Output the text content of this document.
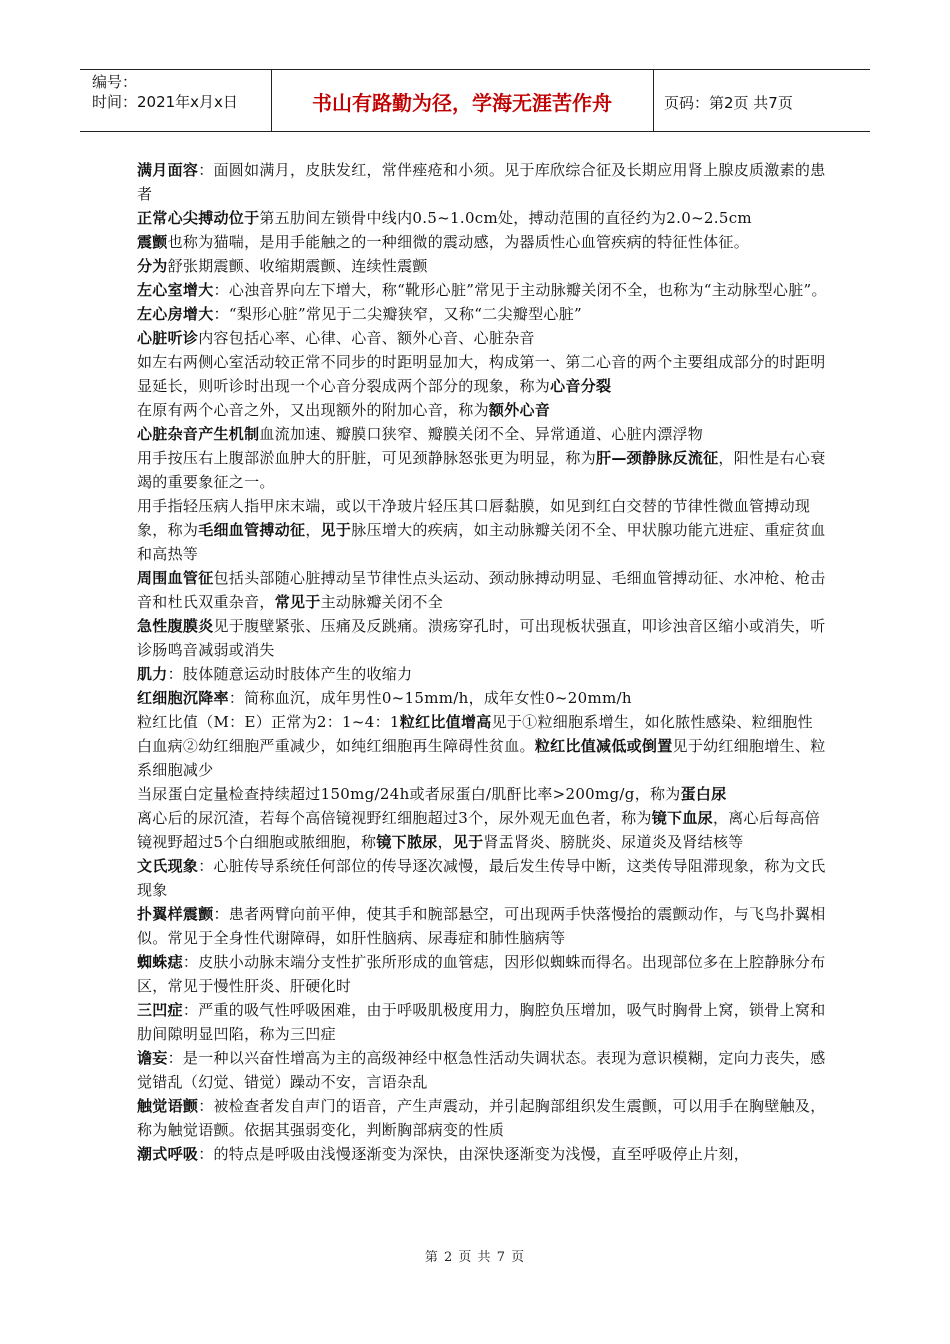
编号：
时间：2021年x月x日	书山有路勤为径，学海无涯苦作舟	页码：第2页 共7页

满月面容：面圆如满月，皮肤发红，常伴痤疮和小须。见于库欣综合征及长期应用肾上腺皮质激素的患者

正常心尖搏动位于第五肋间左锁骨中线内0.5~1.0cm处，搏动范围的直径约为2.0~2.5cm

震颤也称为猫喘，是用手能触之的一种细微的震动感，为器质性心血管疾病的特征性体征。

分为舒张期震颤、收缩期震颤、连续性震颤

左心室增大：心浊音界向左下增大，称“靴形心脏”常见于主动脉瓣关闭不全，也称为“主动脉型心脏”。左心房增大：“梨形心脏”常见于二尖瓣狭窄，又称“二尖瓣型心脏”

心脏听诊内容包括心率、心律、心音、额外心音、心脏杂音

如左右两侧心室活动较正常不同步的时距明显加大，构成第一、第二心音的两个主要组成部分的时距明显延长，则听诊时出现一个心音分裂成两个部分的现象，称为心音分裂

在原有两个心音之外，又出现额外的附加心音，称为额外心音

心脏杂音产生机制血流加速、瓣膜口狭窄、瓣膜关闭不全、异常通道、心脏内漂浮物

用手按压右上腹部淤血肿大的肝脏，可见颈静脉怒张更为明显，称为肝—颈静脉反流征，阳性是右心衰竭的重要象征之一。

用手指轻压病人指甲床末端，或以干净玻片轻压其口唇黏膜，如见到红白交替的节律性微血管搏动现象，称为毛细血管搏动征，见于脉压增大的疾病，如主动脉瓣关闭不全、甲状腺功能亢进症、重症贫血和高热等

周围血管征包括头部随心脏搏动呈节律性点头运动、颈动脉搏动明显、毛细血管搏动征、水冲枪、枪击音和杜氏双重杂音，常见于主动脉瓣关闭不全

急性腹膜炎见于腹壁紧张、压痛及反跳痛。溃疡穿孔时，可出现板状强直，叩诊浊音区缩小或消失，听诊肠鸣音减弱或消失

肌力：肢体随意运动时肢体产生的收缩力

红细胞沉降率：简称血沉，成年男性0~15mm/h，成年女性0~20mm/h

粒红比值（M：E）正常为2：1~4：1粒红比值增高见于①粒细胞系增生，如化脓性感染、粒细胞性白血病②幼红细胞严重减少，如纯红细胞再生障碍性贫血。粒红比值减低或倒置见于幼红细胞增生、粒系细胞减少

当尿蛋白定量检查持续超过150mg/24h或者尿蛋白/肌酐比率>200mg/g，称为蛋白尿

离心后的尿沉渣，若每个高倍镜视野红细胞超过3个，尿外观无血色者，称为镜下血尿，离心后每高倍镜视野超过5个白细胞或脓细胞，称镜下脓尿，见于肾盂肾炎、膀胱炎、尿道炎及肾结核等

文氏现象：心脏传导系统任何部位的传导逐次减慢，最后发生传导中断，这类传导阻滞现象，称为文氏现象

扑翼样震颤：患者两臂向前平伸，使其手和腕部悬空，可出现两手快落慢抬的震颤动作，与飞鸟扑翼相似。常见于全身性代谢障碍，如肝性脑病、尿毒症和肺性脑病等

蜘蛛痣：皮肤小动脉末端分支性扩张所形成的血管痣，因形似蜘蛛而得名。出现部位多在上腔静脉分布区，常见于慢性肝炎、肝硬化时

三凹症：严重的吸气性呼吸困难，由于呼吸肌极度用力，胸腔负压增加，吸气时胸骨上窝，锁骨上窝和肋间隙明显凹陷，称为三凹症

谵妄：是一种以兴奋性增高为主的高级神经中枢急性活动失调状态。表现为意识模糊，定向力丧失，感觉错乱（幻觉、错觉）躁动不安，言语杂乱

触觉语颤：被检查者发自声门的语音，产生声震动，并引起胸部组织发生震颤，可以用手在胸壁触及，称为触觉语颤。依据其强弱变化，判断胸部病变的性质

潮式呼吸：的特点是呼吸由浅慢逐渐变为深快，由深快逐渐变为浅慢，直至呼吸停止片刻，

第 2 页 共 7 页
